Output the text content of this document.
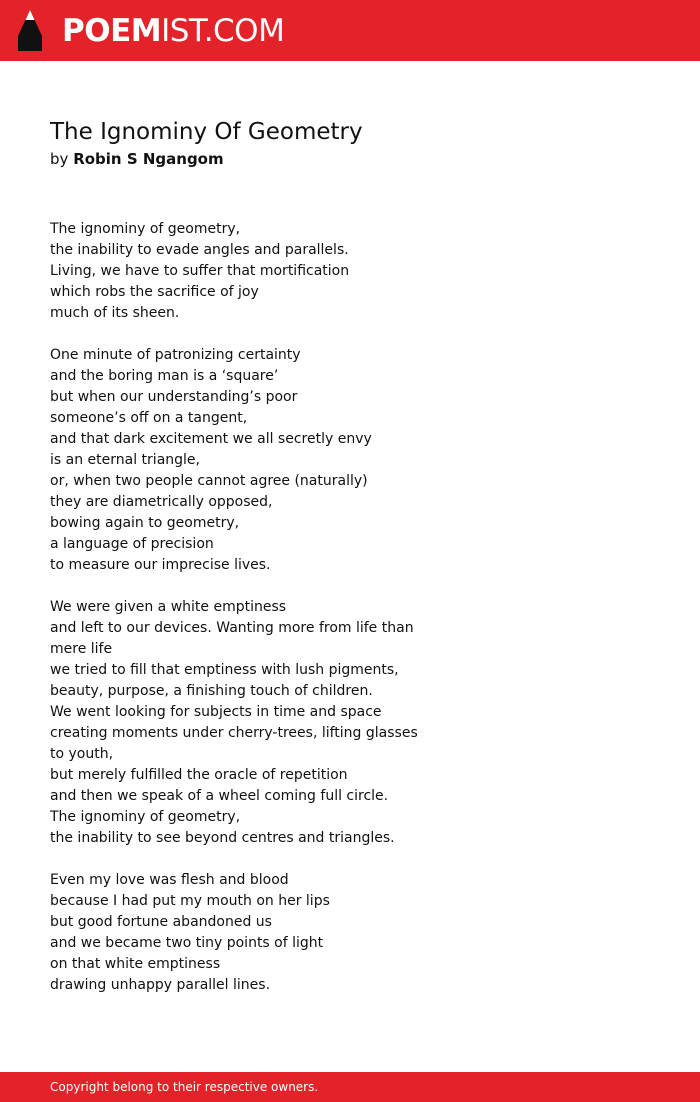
POEMIST.COM
The Ignominy Of Geometry
by Robin S Ngangom
The ignominy of geometry,
the inability to evade angles and parallels.
Living, we have to suffer that mortification
which robs the sacrifice of joy
much of its sheen.
One minute of patronizing certainty
and the boring man is a ‘square’
but when our understanding’s poor
someone’s off on a tangent,
and that dark excitement we all secretly envy
is an eternal triangle,
or, when two people cannot agree (naturally)
they are diametrically opposed,
bowing again to geometry,
a language of precision
to measure our imprecise lives.
We were given a white emptiness
and left to our devices. Wanting more from life than
mere life
we tried to fill that emptiness with lush pigments,
beauty, purpose, a finishing touch of children.
We went looking for subjects in time and space
creating moments under cherry-trees, lifting glasses
to youth,
but merely fulfilled the oracle of repetition
and then we speak of a wheel coming full circle.
The ignominy of geometry,
the inability to see beyond centres and triangles.
Even my love was flesh and blood
because I had put my mouth on her lips
but good fortune abandoned us
and we became two tiny points of light
on that white emptiness
drawing unhappy parallel lines.
Copyright belong to their respective owners.
